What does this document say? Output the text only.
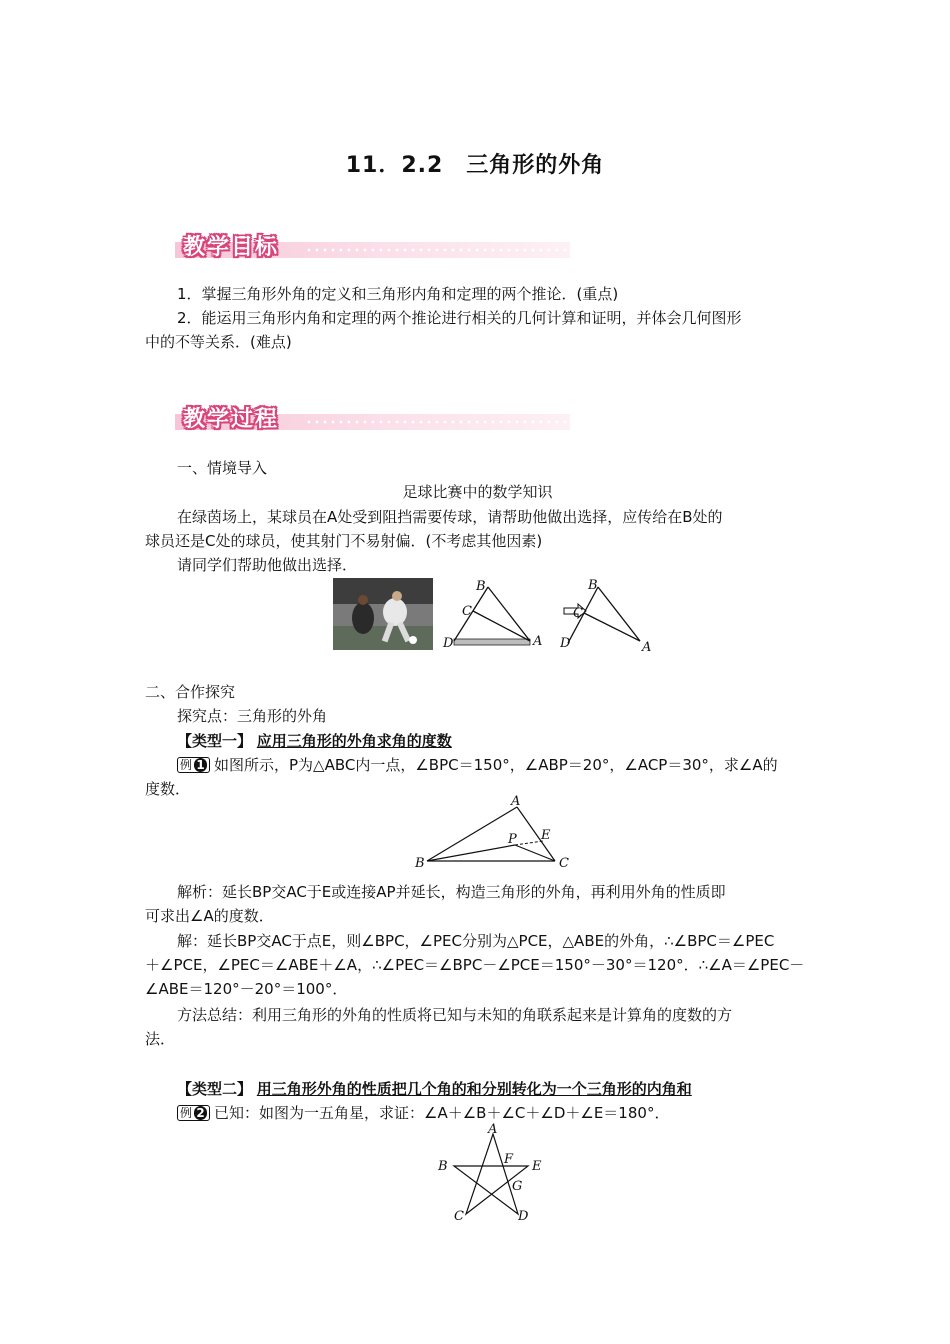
11．2.2　三角形的外角
教学目标
1．掌握三角形外角的定义和三角形内角和定理的两个推论．(重点)
2．能运用三角形内角和定理的两个推论进行相关的几何计算和证明，并体会几何图形
中的不等关系．(难点)
教学过程
一、情境导入
足球比赛中的数学知识
在绿茵场上，某球员在A处受到阻挡需要传球，请帮助他做出选择，应传给在B处的
球员还是C处的球员，使其射门不易射偏．(不考虑其他因素)
请同学们帮助他做出选择．
B
C
D	A
B
C
D	A
二、合作探究
探究点：三角形的外角
【类型一】 应用三角形的外角求角的度数
例 1 如图所示，P为△ABC内一点，∠BPC＝150°，∠ABP＝20°，∠ACP＝30°，求∠A的
度数．
A
B	C
P E
解析：延长BP交AC于E或连接AP并延长，构造三角形的外角，再利用外角的性质即
可求出∠A的度数．
解：延长BP交AC于点E，则∠BPC，∠PEC分别为△PCE，△ABE的外角，∴∠BPC＝∠PEC
＋∠PCE，∠PEC＝∠ABE＋∠A，∴∠PEC＝∠BPC－∠PCE＝150°－30°＝120°．∴∠A＝∠PEC－
∠ABE＝120°－20°＝100°．
方法总结：利用三角形的外角的性质将已知与未知的角联系起来是计算角的度数的方
法．
【类型二】 用三角形外角的性质把几个角的和分别转化为一个三角形的内角和
例 2 已知：如图为一五角星，求证：∠A＋∠B＋∠C＋∠D＋∠E＝180°．
A
B	E
F
G
C	D
